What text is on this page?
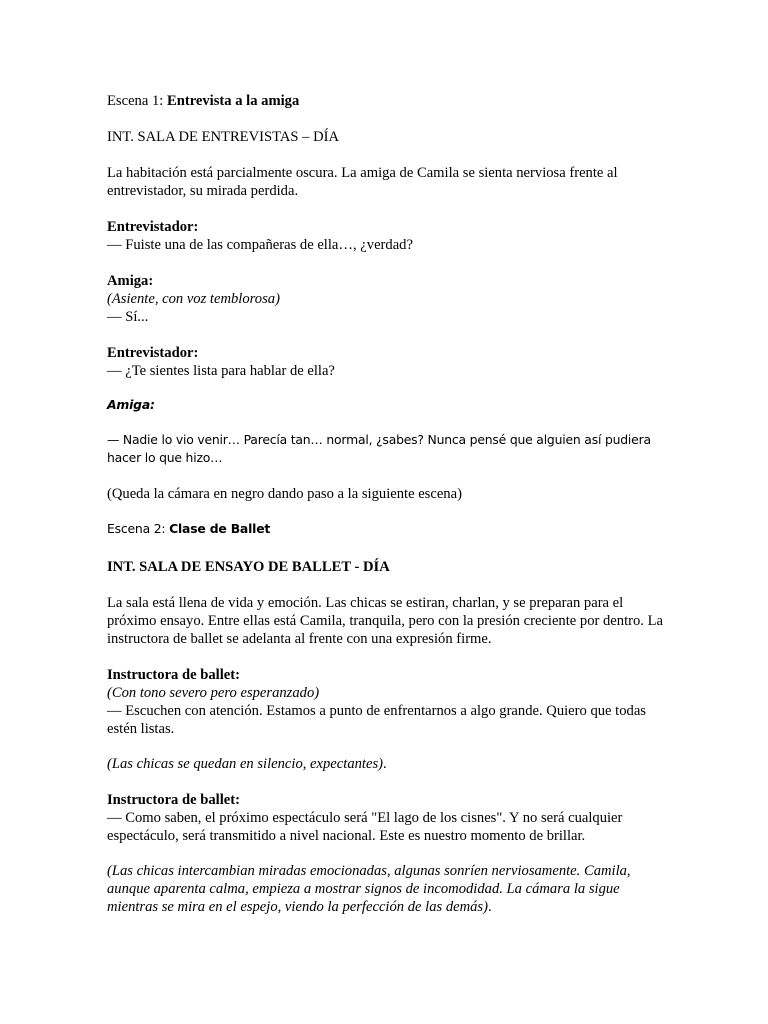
Escena 1: Entrevista a la amiga

INT. SALA DE ENTREVISTAS – DÍA

La habitación está parcialmente oscura. La amiga de Camila se sienta nerviosa frente al entrevistador, su mirada perdida.

Entrevistador:
— Fuiste una de las compañeras de ella…, ¿verdad?
Amiga:
(Asiente, con voz temblorosa)
— Sí...
Entrevistador:
— ¿Te sientes lista para hablar de ella?

Amiga:

— Nadie lo vio venir… Parecía tan… normal, ¿sabes? Nunca pensé que alguien así pudiera hacer lo que hizo…

(Queda la cámara en negro dando paso a la siguiente escena)

Escena 2: Clase de Ballet

INT. SALA DE ENSAYO DE BALLET - DÍA

La sala está llena de vida y emoción. Las chicas se estiran, charlan, y se preparan para el próximo ensayo. Entre ellas está Camila, tranquila, pero con la presión creciente por dentro. La instructora de ballet se adelanta al frente con una expresión firme.

Instructora de ballet:
(Con tono severo pero esperanzado)
— Escuchen con atención. Estamos a punto de enfrentarnos a algo grande. Quiero que todas estén listas.

(Las chicas se quedan en silencio, expectantes).

Instructora de ballet:
— Como saben, el próximo espectáculo será "El lago de los cisnes". Y no será cualquier espectáculo, será transmitido a nivel nacional. Este es nuestro momento de brillar.

(Las chicas intercambian miradas emocionadas, algunas sonríen nerviosamente. Camila, aunque aparenta calma, empieza a mostrar signos de incomodidad. La cámara la sigue mientras se mira en el espejo, viendo la perfección de las demás).
